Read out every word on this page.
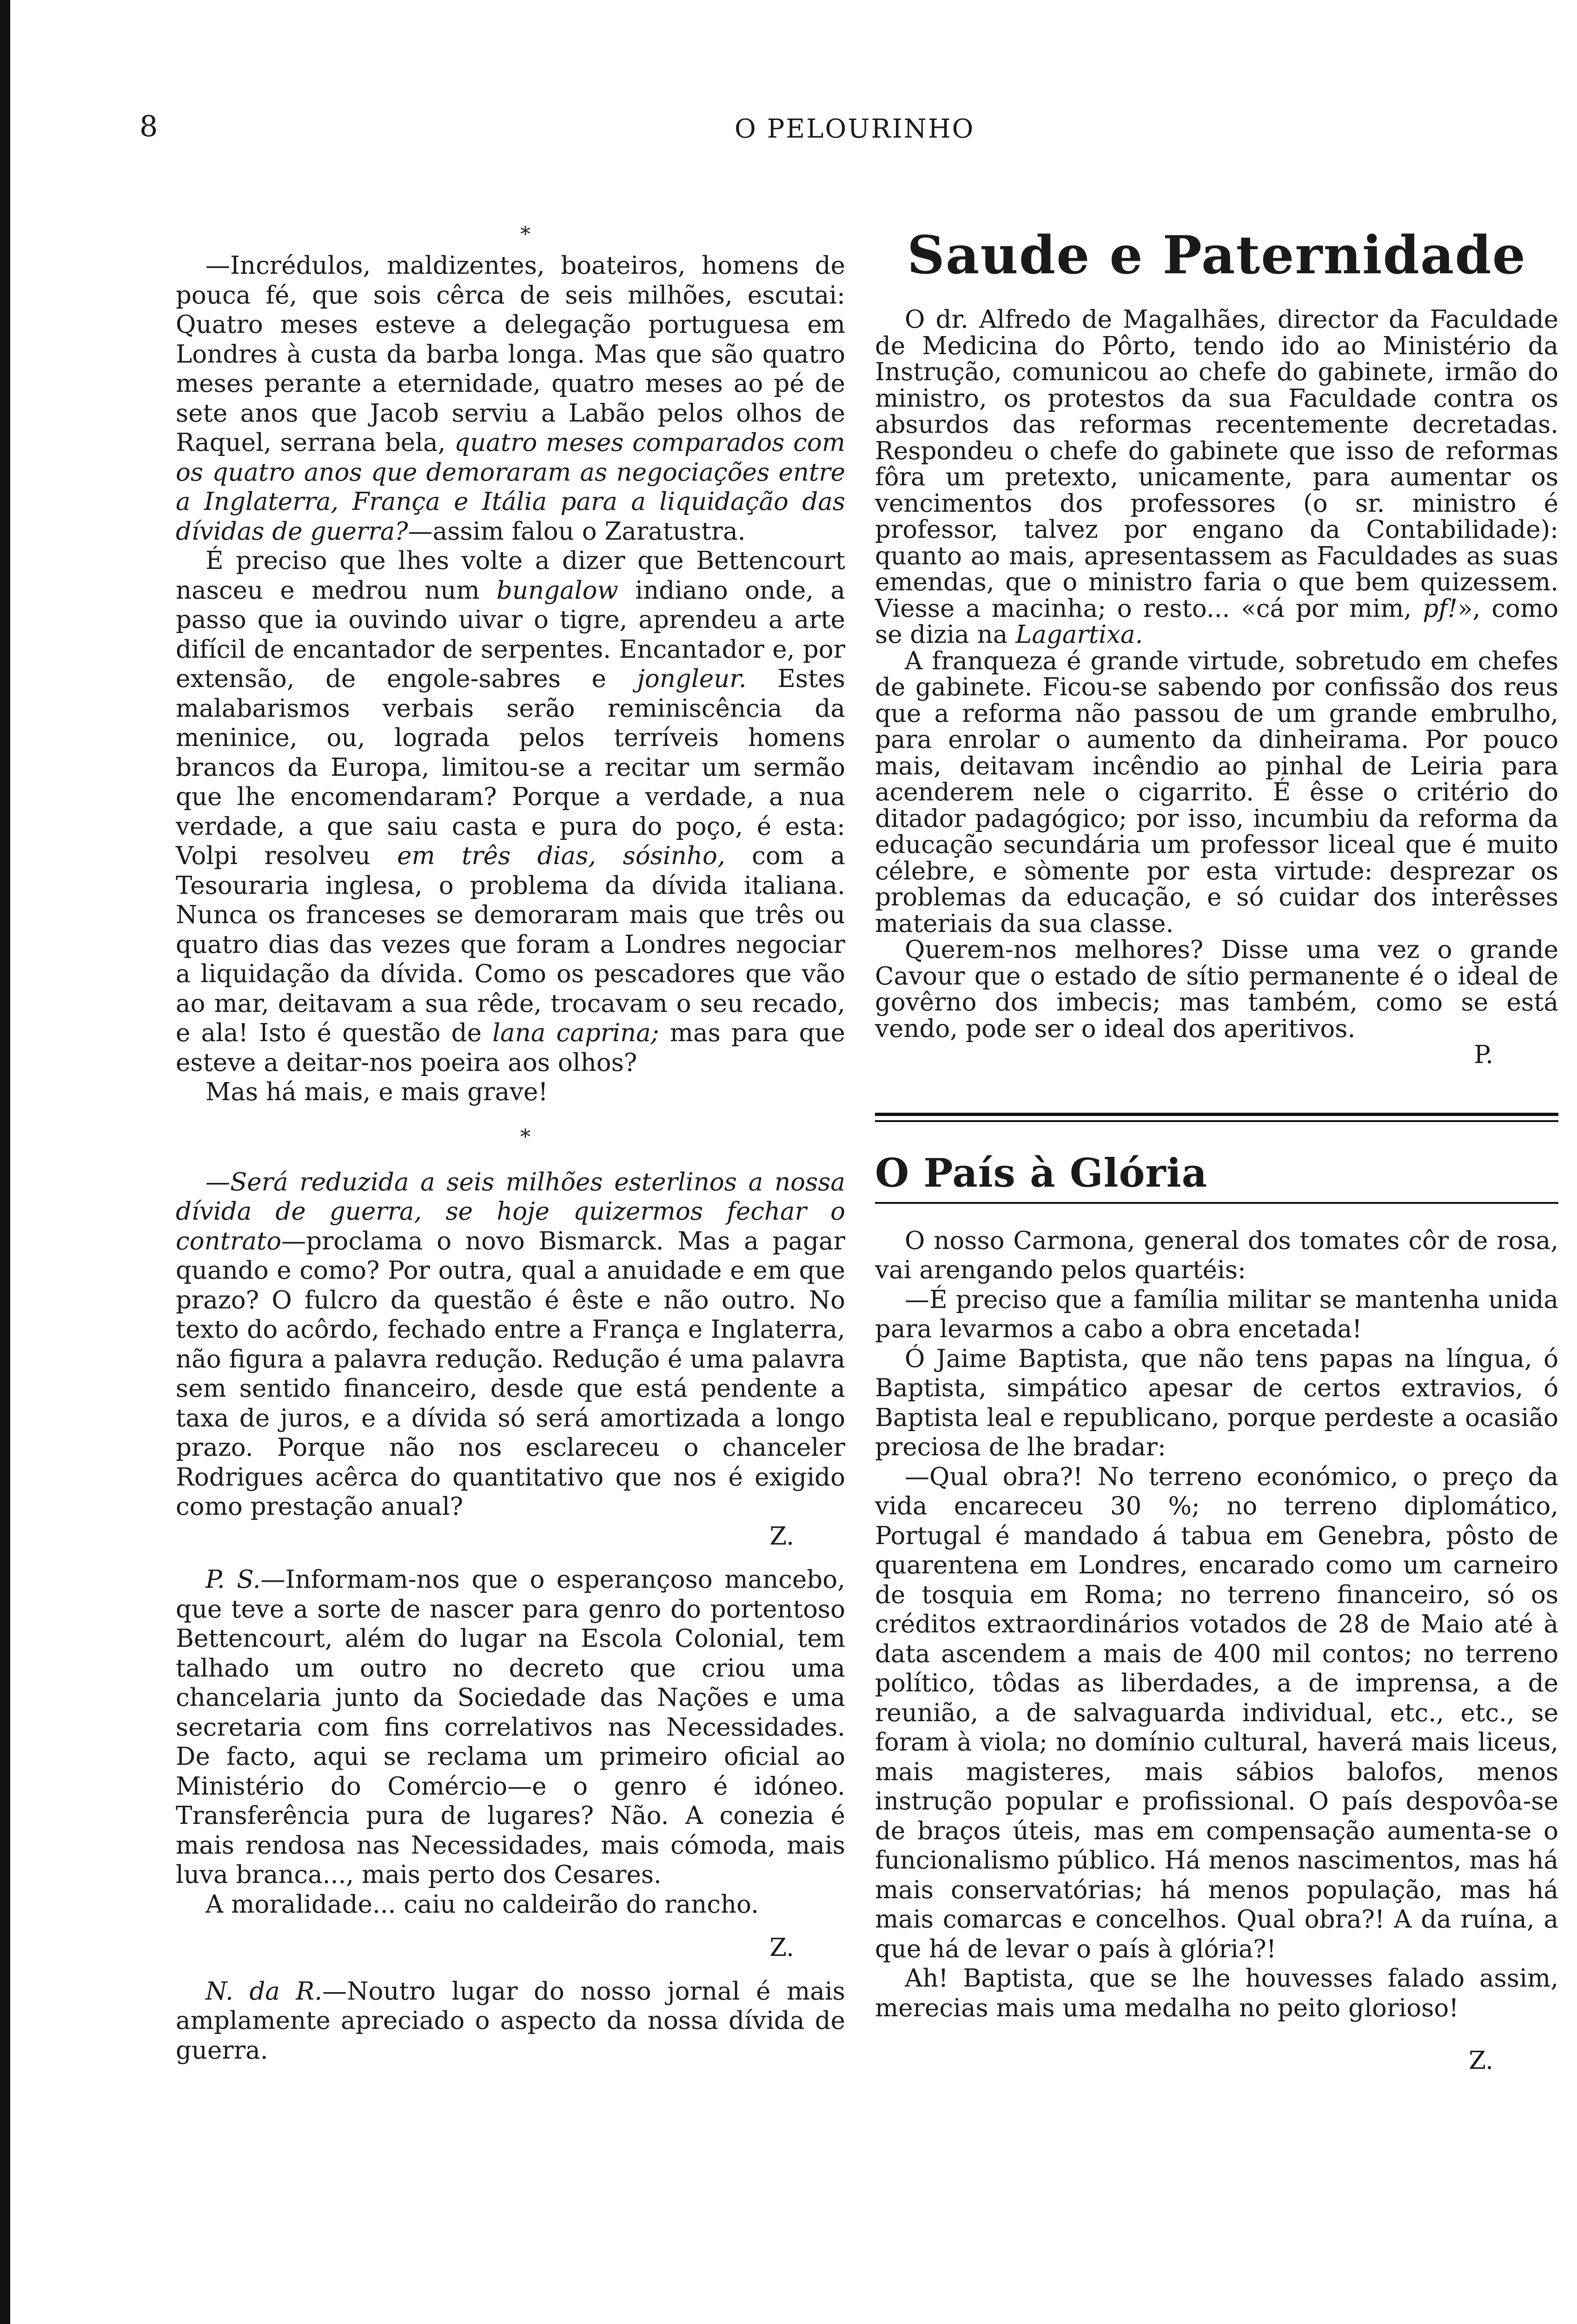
8	O PELOURINHO

*

—Incrédulos, maldizentes, boateiros, homens de pouca fé, que sois cêrca de seis milhões, escutai: Quatro meses esteve a delegação portuguesa em Londres à custa da barba longa. Mas que são quatro meses perante a eternidade, quatro meses ao pé de sete anos que Jacob serviu a Labão pelos olhos de Raquel, serrana bela, quatro meses comparados com os quatro anos que demoraram as negociações entre a Inglaterra, França e Itália para a liquidação das dívidas de guerra?—assim falou o Zaratustra.

É preciso que lhes volte a dizer que Bettencourt nasceu e medrou num bungalow indiano onde, a passo que ia ouvindo uivar o tigre, aprendeu a arte difícil de encantador de serpentes. Encantador e, por extensão, de engole-sabres e jongleur. Estes malabarismos verbais serão reminiscência da meninice, ou, lograda pelos terríveis homens brancos da Europa, limitou-se a recitar um sermão que lhe encomendaram? Porque a verdade, a nua verdade, a que saiu casta e pura do poço, é esta: Volpi resolveu em três dias, sósinho, com a Tesouraria inglesa, o problema da dívida italiana. Nunca os franceses se demoraram mais que três ou quatro dias das vezes que foram a Londres negociar a liquidação da dívida. Como os pescadores que vão ao mar, deitavam a sua rêde, trocavam o seu recado, e ala! Isto é questão de lana caprina; mas para que esteve a deitar-nos poeira aos olhos?

Mas há mais, e mais grave!

*

—Será reduzida a seis milhões esterlinos a nossa dívida de guerra, se hoje quizermos fechar o contrato—proclama o novo Bismarck. Mas a pagar quando e como? Por outra, qual a anuidade e em que prazo? O fulcro da questão é êste e não outro. No texto do acôrdo, fechado entre a França e Inglaterra, não figura a palavra redução. Redução é uma palavra sem sentido financeiro, desde que está pendente a taxa de juros, e a dívida só será amortizada a longo prazo. Porque não nos esclareceu o chanceler Rodrigues acêrca do quantitativo que nos é exigido como prestação anual?

Z.

P. S.—Informam-nos que o esperançoso mancebo, que teve a sorte de nascer para genro do portentoso Bettencourt, além do lugar na Escola Colonial, tem talhado um outro no decreto que criou uma chancelaria junto da Sociedade das Nações e uma secretaria com fins correlativos nas Necessidades. De facto, aqui se reclama um primeiro oficial ao Ministério do Comércio—e o genro é idóneo. Transferência pura de lugares? Não. A conezia é mais rendosa nas Necessidades, mais cómoda, mais luva branca..., mais perto dos Cesares.

A moralidade... caiu no caldeirão do rancho.

Z.

N. da R.—Noutro lugar do nosso jornal é mais amplamente apreciado o aspecto da nossa dívida de guerra.

Saude e Paternidade

O dr. Alfredo de Magalhães, director da Faculdade de Medicina do Pôrto, tendo ido ao Ministério da Instrução, comunicou ao chefe do gabinete, irmão do ministro, os protestos da sua Faculdade contra os absurdos das reformas recentemente decretadas. Respondeu o chefe do gabinete que isso de reformas fôra um pretexto, unicamente, para aumentar os vencimentos dos professores (o sr. ministro é professor, talvez por engano da Contabilidade): quanto ao mais, apresentassem as Faculdades as suas emendas, que o ministro faria o que bem quizessem. Viesse a macinha; o resto... «cá por mim, pf!», como se dizia na Lagartixa.

A franqueza é grande virtude, sobretudo em chefes de gabinete. Ficou-se sabendo por confissão dos reus que a reforma não passou de um grande embrulho, para enrolar o aumento da dinheirama. Por pouco mais, deitavam incêndio ao pinhal de Leiria para acenderem nele o cigarrito. É êsse o critério do ditador padagógico; por isso, incumbiu da reforma da educação secundária um professor liceal que é muito célebre, e sòmente por esta virtude: desprezar os problemas da educação, e só cuidar dos interêsses materiais da sua classe.

Querem-nos melhores? Disse uma vez o grande Cavour que o estado de sítio permanente é o ideal de govêrno dos imbecis; mas também, como se está vendo, pode ser o ideal dos aperitivos.

P.

O País à Glória

O nosso Carmona, general dos tomates côr de rosa, vai arengando pelos quartéis:

—É preciso que a família militar se mantenha unida para levarmos a cabo a obra encetada!

Ó Jaime Baptista, que não tens papas na língua, ó Baptista, simpático apesar de certos extravios, ó Baptista leal e republicano, porque perdeste a ocasião preciosa de lhe bradar:

—Qual obra?! No terreno económico, o preço da vida encareceu 30 %; no terreno diplomático, Portugal é mandado á tabua em Genebra, pôsto de quarentena em Londres, encarado como um carneiro de tosquia em Roma; no terreno financeiro, só os créditos extraordinários votados de 28 de Maio até à data ascendem a mais de 400 mil contos; no terreno político, tôdas as liberdades, a de imprensa, a de reunião, a de salvaguarda individual, etc., etc., se foram à viola; no domínio cultural, haverá mais liceus, mais magisteres, mais sábios balofos, menos instrução popular e profissional. O país despovôa-se de braços úteis, mas em compensação aumenta-se o funcionalismo público. Há menos nascimentos, mas há mais conservatórias; há menos população, mas há mais comarcas e concelhos. Qual obra?! A da ruína, a que há de levar o país à glória?!

Ah! Baptista, que se lhe houvesses falado assim, merecias mais uma medalha no peito glorioso!

Z.
